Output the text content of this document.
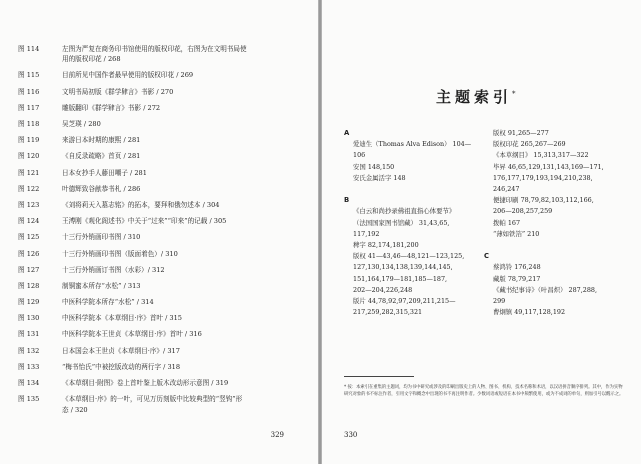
图 114	左图为严复在商务印书馆使用的版权印花，右图为在文明书局使
用的版权印花 / 268
图 115	目前所见中国作者最早使用的版权印花 / 269
图 116	文明书局初版《群学肄言》书影 / 270
图 117	雕版翻印《群学肄言》书影 / 272
图 118	吴芝瑛 / 280
图 119	来游日本时期的康熙 / 281
图 120	《自反录疏略》首页 / 281
图 121	日本女抄手人藤田嘲子 / 281
图 122	叶德辉致谷献恭书札 / 286
图 123	《刘将莉天入墓志铭》的拓本，要拜和俄勿述本 / 304
图 124	王溥刚《观化阁述书》中关于“过来”“印来”的记载 / 305
图 125	十三行外销画印书图 / 310
图 126	十三行外销画印书图（版面着色）/ 310
图 127	十三行外销画订书图（水彩）/ 312
图 128	制铜蜜本所存“水松” / 313
图 129	中医科学院本所存“水松” / 314
图 130	中医科学院本《本草纲目·序》首叶 / 315
图 131	中医科学院本王世贞《本草纲目·序》首叶 / 316
图 132	日本国会本王世贞《本草纲目·序》/ 317
图 133	“梅书怡氏”中被挖版改动的两行字 / 318
图 134	《本草纲目·附图》卷上首叶鉴上版木改动形示意图 / 319
图 135	《本草纲目·序》的一叶，可见万历刻版中比较典型的“竖钩”形
态 / 320
329
主题索引*
A
爱迪生（Thomas Alva Edison） 104—
106
安国 148,150
安氏金属活字 148
B
《白云和尚抄录佛祖直指心体要节》
（法国国家图书馆藏） 31,43,65,
117,192
稗字 82,174,181,200
版权 41—43,46—48,121—123,125,
127,130,134,138,139,144,145,
151,164,179—181,185—187,
202—204,226,248
版片 44,78,92,97,209,211,215—
217,259,282,315,321
版权 91,265—277
版权印花 265,267—269
《本草纲目》 15,313,317—322
毕昇 46,65,129,131,143,169—171,
176,177,179,193,194,210,238,
246,247
便捷印刷 78,79,82,103,112,166,
206—208,257,259
拨帕 167
“薄如铁箔” 210
C
蔡鸿铃 176,248
藏版 78,79,217
《藏书纪事诗》（叶昌炽） 287,288,
299
曹炯镇 49,117,128,192
* 按：本索引在重集的主题词，均为书中研究或涉及的印刷出版史上的人物、图书、机构、技术名称和术语，以汉语拼音顺序排列。其中，作为实物研究对象的书不标注作者，引用文字和概念中出现的书不再注明作者。少数词语或短语在本书中频繁使用，或为不成词的单句，则加引号以醒示之。
330
